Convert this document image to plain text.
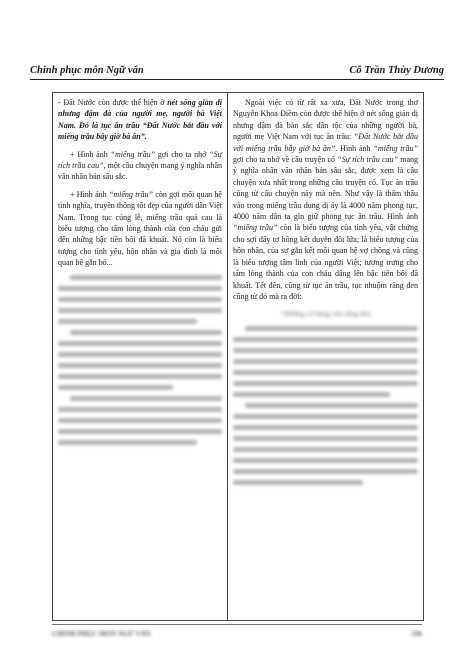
Chinh phục môn Ngữ văn	Cô Trần Thùy Dương

- Đất Nước còn được thể hiện ở nét sống giản dị nhưng đậm đà của người mẹ, người bà Việt Nam. Đó là tục ăn trầu “Đất Nước bắt đầu với miếng trầu bây giờ bà ăn”.

+ Hình ảnh “miếng trầu” gợi cho ta nhớ “Sự tích trầu cau”, một câu chuyện mang ý nghĩa nhân văn nhân bản sâu sắc.

+ Hình ảnh “miếng trầu” còn gợi mối quan hệ tình nghĩa, truyền thống tốt đẹp của người dân Việt Nam. Trong tục cúng lễ, miếng trầu quả cau là biểu tượng cho tấm lòng thành của con cháu gửi đến những bậc tiền bối đã khuất. Nó còn là biểu tượng cho tình yêu, hôn nhân và gia đình là mối quan hệ gắn bó...

Ngoài việc có từ rất xa xưa, Đất Nước trong thơ Nguyễn Khoa Điềm còn được thể hiện ở nét sống giản dị nhưng đậm đà bản sắc dân tộc của những người bà, người mẹ Việt Nam với tục ăn trầu: “Đất Nước bắt đầu với miếng trầu bây giờ bà ăn”. Hình ảnh “miếng trầu” gợi cho ta nhớ về câu truyện cổ “Sự tích trầu cau” mang ý nghĩa nhân văn nhân bản sâu sắc, được xem là câu chuyện xưa nhất trong những câu truyện cổ. Tục ăn trầu cũng từ câu chuyện này mà nên. Như vậy là thấm thấu vào trong miếng trầu dung dị ấy là 4000 năm phong tục, 4000 năm dân ta gìn giữ phong tục ăn trầu. Hình ảnh “miếng trầu” còn là biểu tượng của tình yêu, vật chứng cho sợi dây tơ hồng kết duyên đôi lứa; là biểu tượng của hôn nhân, của sự gắn kết mối quan hệ vợ chồng và cũng là biểu tượng tâm linh của người Việt; tượng trưng cho tấm lòng thành của con cháu dâng lên bậc tiền bối đã khuất. Tết đến, cũng từ tục ăn trầu, tục nhuộm răng đen cũng từ đó mà ra đời:

“Những cô hàng xén răng đen
CHINH PHỤC MÔN NGỮ VĂN	196
